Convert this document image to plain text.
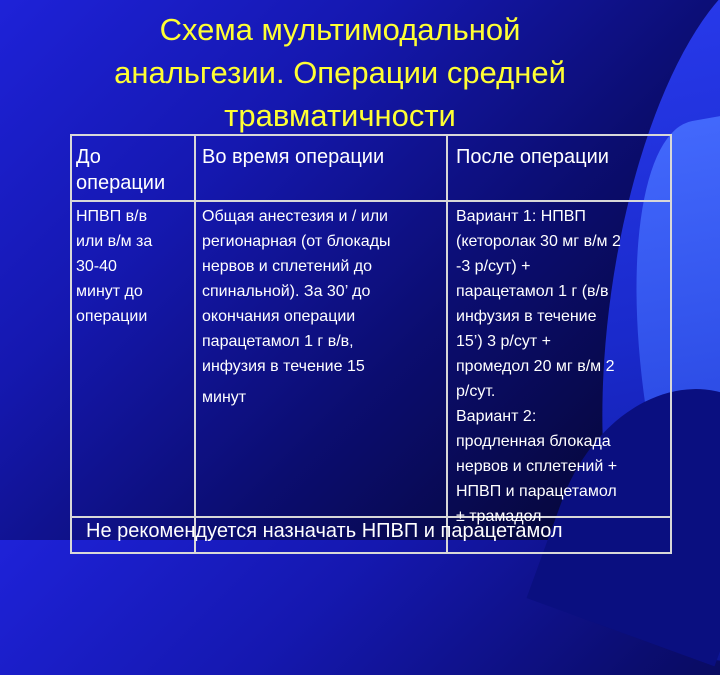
Схема мультимодальной
анальгезии. Операции средней
травматичности
До операции
Во время операции	После операции
НПВП в/в
или в/м за
30-40
минут до
операции
Общая анестезия и / или
регионарная (от блокады
нервов и сплетений до
спинальной). За 30’ до
окончания операции
парацетамол 1 г в/в,
инфузия в течение 15
минут
Вариант 1: НПВП
(кеторолак 30 мг в/м 2
-3 р/сут) +
парацетамол 1 г (в/в
инфузия в течение
15’) 3 р/сут +
промедол 20 мг в/м 2
р/сут.
Вариант 2:
продленная блокада
нервов и сплетений +
НПВП и парацетамол
± трамадол
Не рекомендуется назначать НПВП и парацетамол
